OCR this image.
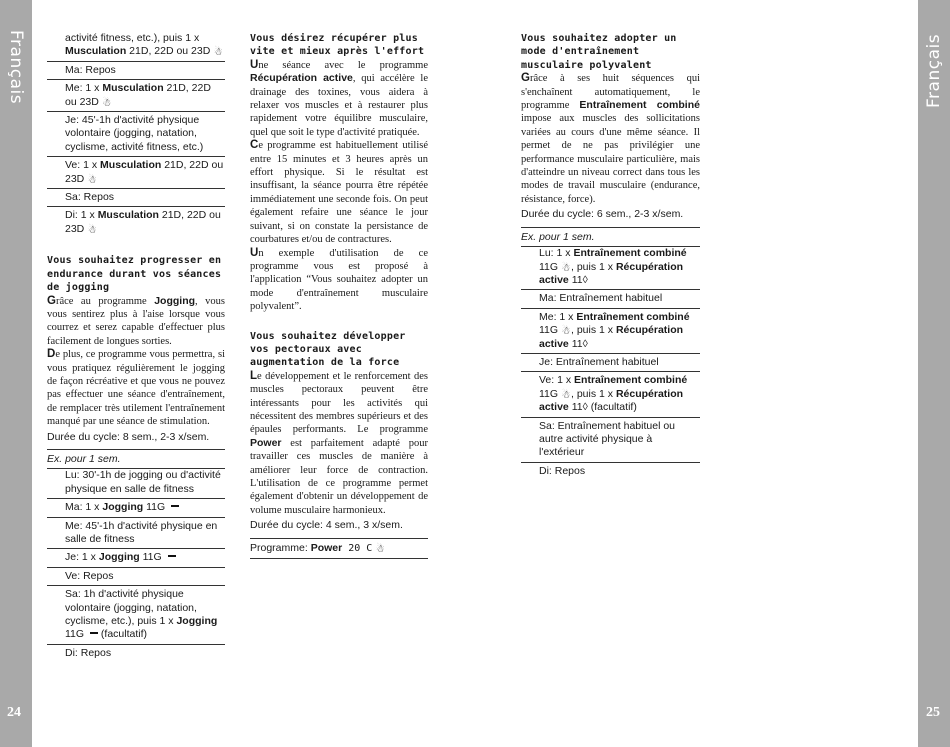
Français
24
Français
25
activité fitness, etc.), puis 1 x Musculation 21D, 22D ou 23D ☃
Ma: Repos
Me: 1 x Musculation 21D, 22D ou 23D ☃
Je: 45'-1h d'activité physique volontaire (jogging, natation, cyclisme, activité fitness, etc.)
Ve: 1 x Musculation 21D, 22D ou 23D ☃
Sa: Repos
Di: 1 x Musculation 21D, 22D ou 23D ☃
Vous souhaitez progresser en endurance durant vos séances de jogging

Grâce au programme Jogging, vous vous sentirez plus à l'aise lorsque vous courrez et serez capable d'effectuer plus facilement de longues sorties.

De plus, ce programme vous permettra, si vous pratiquez régulièrement le jogging de façon récréative et que vous ne pouvez pas effectuer une séance d'entraînement, de remplacer très utilement l'entraînement manqué par une séance de stimulation.

Durée du cycle: 8 sem., 2-3 x/sem.
Ex. pour 1 sem.
Lu: 30'-1h de jogging ou d'activité physique en salle de fitness
Ma: 1 x Jogging 11G
Me: 45'-1h d'activité physique en salle de fitness
Je: 1 x Jogging 11G
Ve: Repos
Sa: 1h d'activité physique volontaire (jogging, natation, cyclisme, etc.), puis 1 x Jogging 11G  (facultatif)
Di: Repos
Vous désirez récupérer plus vite et mieux après l'effort

Une séance avec le programme Récupération active, qui accélère le drainage des toxines, vous aidera à relaxer vos muscles et à restaurer plus rapidement votre équilibre musculaire, quel que soit le type d'activité pratiquée.

Ce programme est habituellement utilisé entre 15 minutes et 3 heures après un effort physique. Si le résultat est insuffisant, la séance pourra être répétée immédiatement une seconde fois. On peut également refaire une séance le jour suivant, si on constate la persistance de courbatures et/ou de contractures.

Un exemple d'utilisation de ce programme vous est proposé à l'application “Vous souhaitez adopter un mode d'entraînement musculaire polyvalent”.

Vous souhaitez développer vos pectoraux avec augmentation de la force

Le développement et le renforcement des muscles pectoraux peuvent être intéressants pour les activités qui nécessitent des membres supérieurs et des épaules performants. Le programme Power est parfaitement adapté pour travailler ces muscles de manière à améliorer leur force de contraction. L'utilisation de ce programme permet également d'obtenir un développement de volume musculaire harmonieux.

Durée du cycle: 4 sem., 3 x/sem.
Programme: Power 20 C ☃
Vous souhaitez adopter un mode d'entraînement musculaire polyvalent

Grâce à ses huit séquences qui s'enchaînent automatiquement, le programme Entraînement combiné impose aux muscles des sollicitations variées au cours d'une même séance. Il permet de ne pas privilégier une performance musculaire particulière, mais d'atteindre un niveau correct dans tous les modes de travail musculaire (endurance, résistance, force).

Durée du cycle: 6 sem., 2-3 x/sem.
Ex. pour 1 sem.
Lu: 1 x Entraînement combiné 11G ☃, puis 1 x Récupération active 11◊
Ma: Entraînement habituel
Me: 1 x Entraînement combiné 11G ☃, puis 1 x Récupération active 11◊
Je: Entraînement habituel
Ve: 1 x Entraînement combiné 11G ☃, puis 1 x Récupération active 11◊ (facultatif)
Sa: Entraînement habituel ou autre activité physique à l'extérieur
Di: Repos
